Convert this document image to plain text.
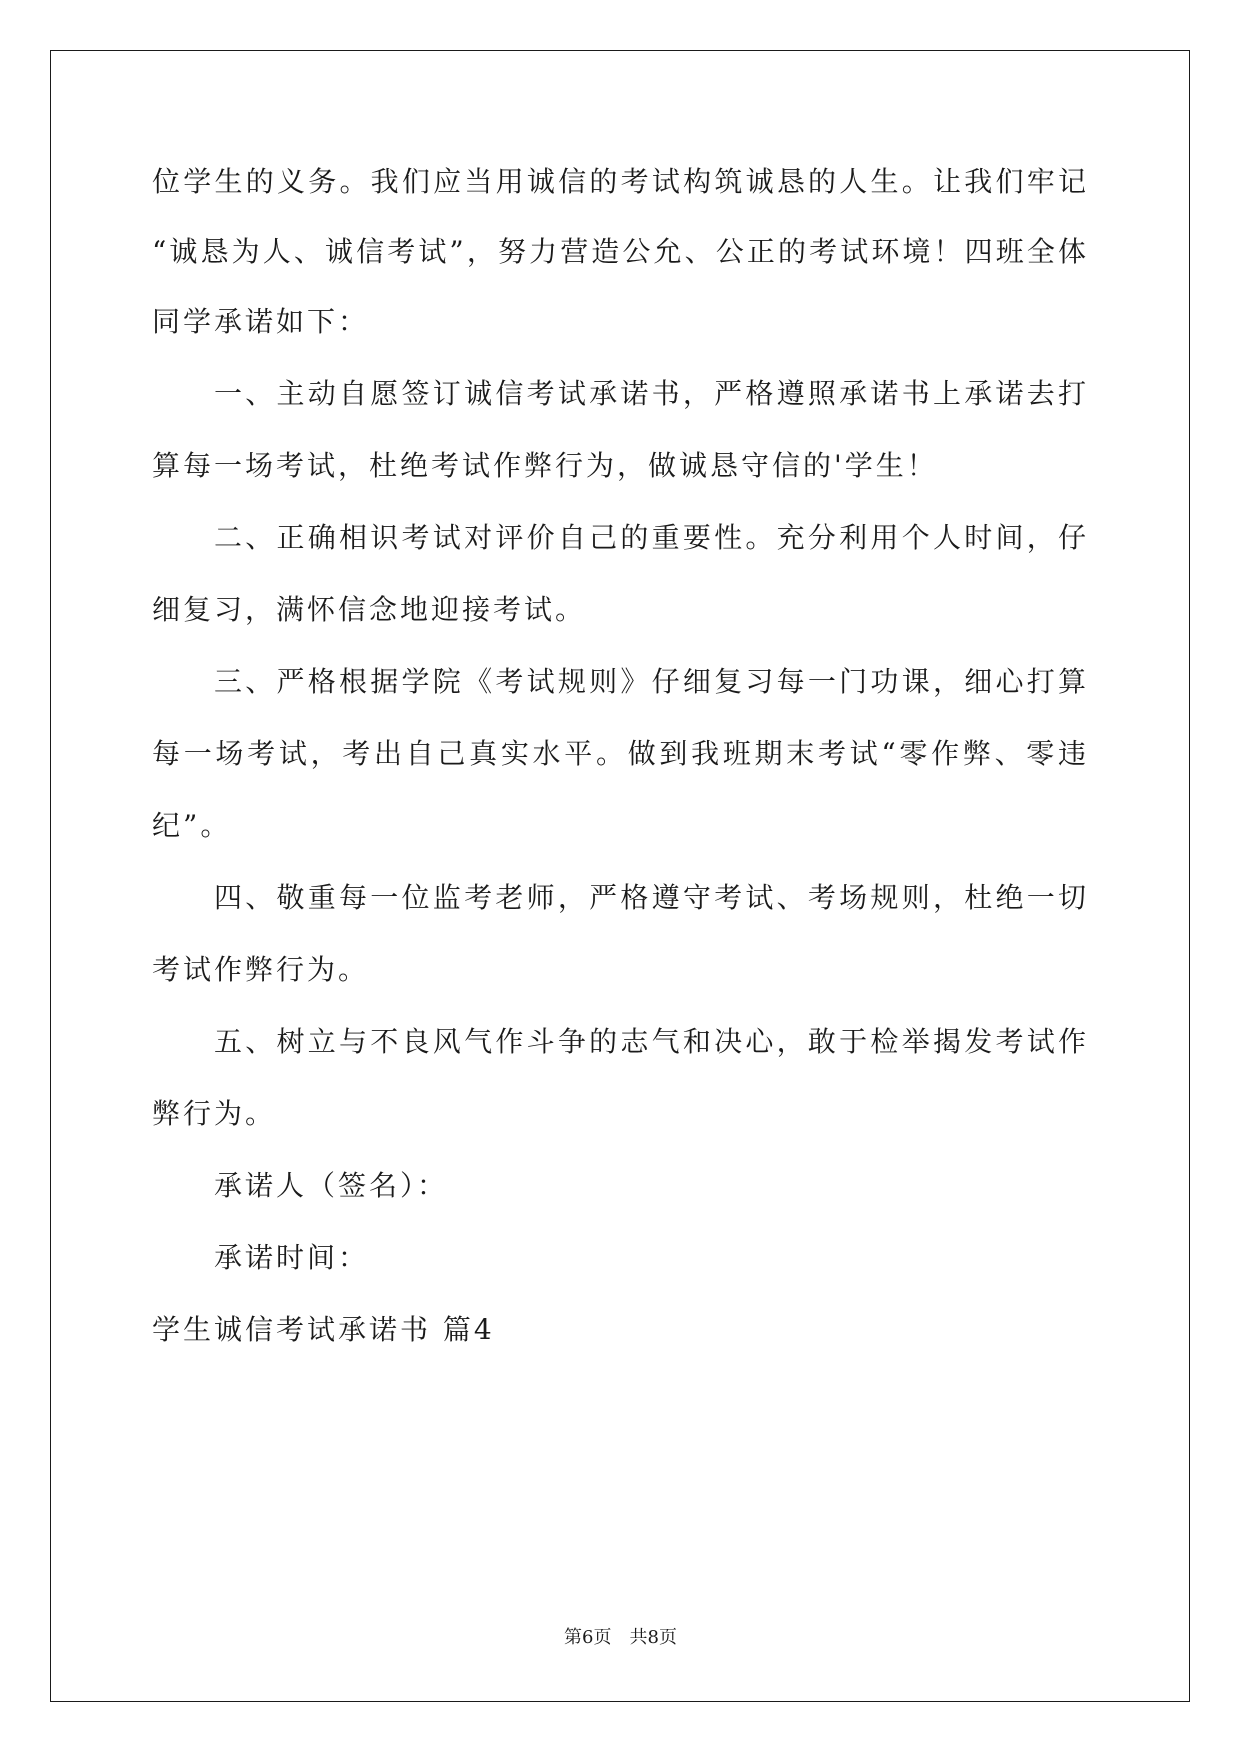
位学生的义务。我们应当用诚信的考试构筑诚恳的人生。让我们牢记

“诚恳为人、诚信考试”，努力营造公允、公正的考试环境！四班全体

同学承诺如下：

一、主动自愿签订诚信考试承诺书，严格遵照承诺书上承诺去打

算每一场考试，杜绝考试作弊行为，做诚恳守信的'学生！

二、正确相识考试对评价自己的重要性。充分利用个人时间，仔

细复习，满怀信念地迎接考试。

三、严格根据学院《考试规则》仔细复习每一门功课，细心打算

每一场考试，考出自己真实水平。做到我班期末考试“零作弊、零违

纪”。

四、敬重每一位监考老师，严格遵守考试、考场规则，杜绝一切

考试作弊行为。

五、树立与不良风气作斗争的志气和决心，敢于检举揭发考试作

弊行为。

承诺人（签名）：

承诺时间：

学生诚信考试承诺书 篇4

第6页　共8页
